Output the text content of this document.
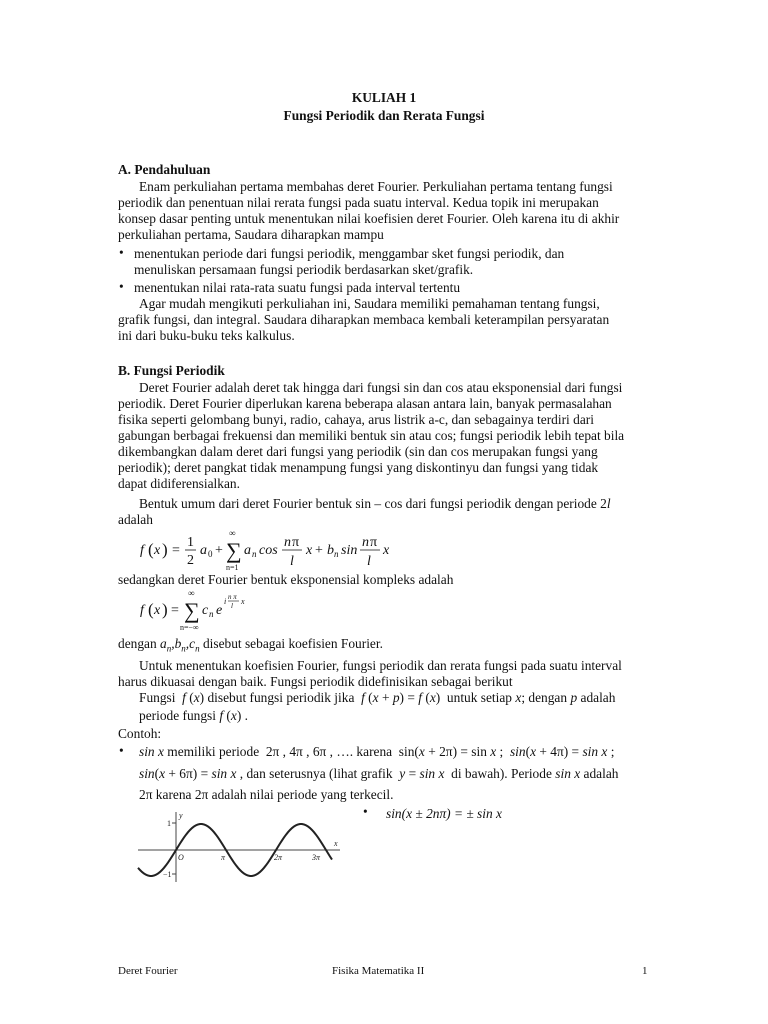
KULIAH 1
Fungsi Periodik dan Rerata Fungsi
A. Pendahuluan
Enam perkuliahan pertama membahas deret Fourier. Perkuliahan pertama tentang fungsi
periodik dan penentuan nilai rerata fungsi pada suatu interval. Kedua topik ini merupakan
konsep dasar penting untuk menentukan nilai koefisien deret Fourier. Oleh karena itu di akhir
perkuliahan pertama, Saudara diharapkan mampu
• menentukan periode dari fungsi periodik, menggambar sket fungsi periodik, dan
menuliskan persamaan fungsi periodik berdasarkan sket/grafik.
• menentukan nilai rata-rata suatu fungsi pada interval tertentu
Agar mudah mengikuti perkuliahan ini, Saudara memiliki pemahaman tentang fungsi,
grafik fungsi, dan integral. Saudara diharapkan membaca kembali keterampilan persyaratan
ini dari buku-buku teks kalkulus.
B. Fungsi Periodik
Deret Fourier adalah deret tak hingga dari fungsi sin dan cos atau eksponensial dari fungsi
periodik. Deret Fourier diperlukan karena beberapa alasan antara lain, banyak permasalahan
fisika seperti gelombang bunyi, radio, cahaya, arus listrik a-c, dan sebagainya terdiri dari
gabungan berbagai frekuensi dan memiliki bentuk sin atau cos; fungsi periodik lebih tepat bila
dikembangkan dalam deret dari fungsi yang periodik (sin dan cos merupakan fungsi yang
periodik); deret pangkat tidak menampung fungsi yang diskontinyu dan fungsi yang tidak
dapat didiferensialkan.
Bentuk umum dari deret Fourier bentuk sin – cos dari fungsi periodik dengan periode 2l
adalah
f ( x ) =
1
2
a 0 +
∞
∑
n=1
a n cos
n π
l
x + b n sin
n π
l
x
sedangkan deret Fourier bentuk eksponensial kompleks adalah
f ( x ) =
∞
∑
n=−∞
c n e
i n π
l x
dengan $a_n,b_n,c_n$ disebut sebagai koefisien Fourier.
Untuk menentukan koefisien Fourier, fungsi periodik dan rerata fungsi pada suatu interval
harus dikuasai dengan baik. Fungsi periodik didefinisikan sebagai berikut
Fungsi f (x) disebut fungsi periodik jika f (x + p) = f (x)  untuk setiap x; dengan p adalah
periode fungsi f (x) .
Contoh:
• sin x memiliki periode 2π , 4π , 6π , …. karena  sin(x + 2π) = sin x ;  sin(x + 4π) = sin x ;
sin(x + 6π) = sin x , dan seterusnya (lihat grafik y = sin x di bawah). Periode sin x adalah
2π karena 2π adalah nilai periode yang terkecil.
• sin(x ± 2nπ) = ± sin x
y
x
1
−1
O	π	2π	3π
Deret Fourier	Fisika Matematika II	1
